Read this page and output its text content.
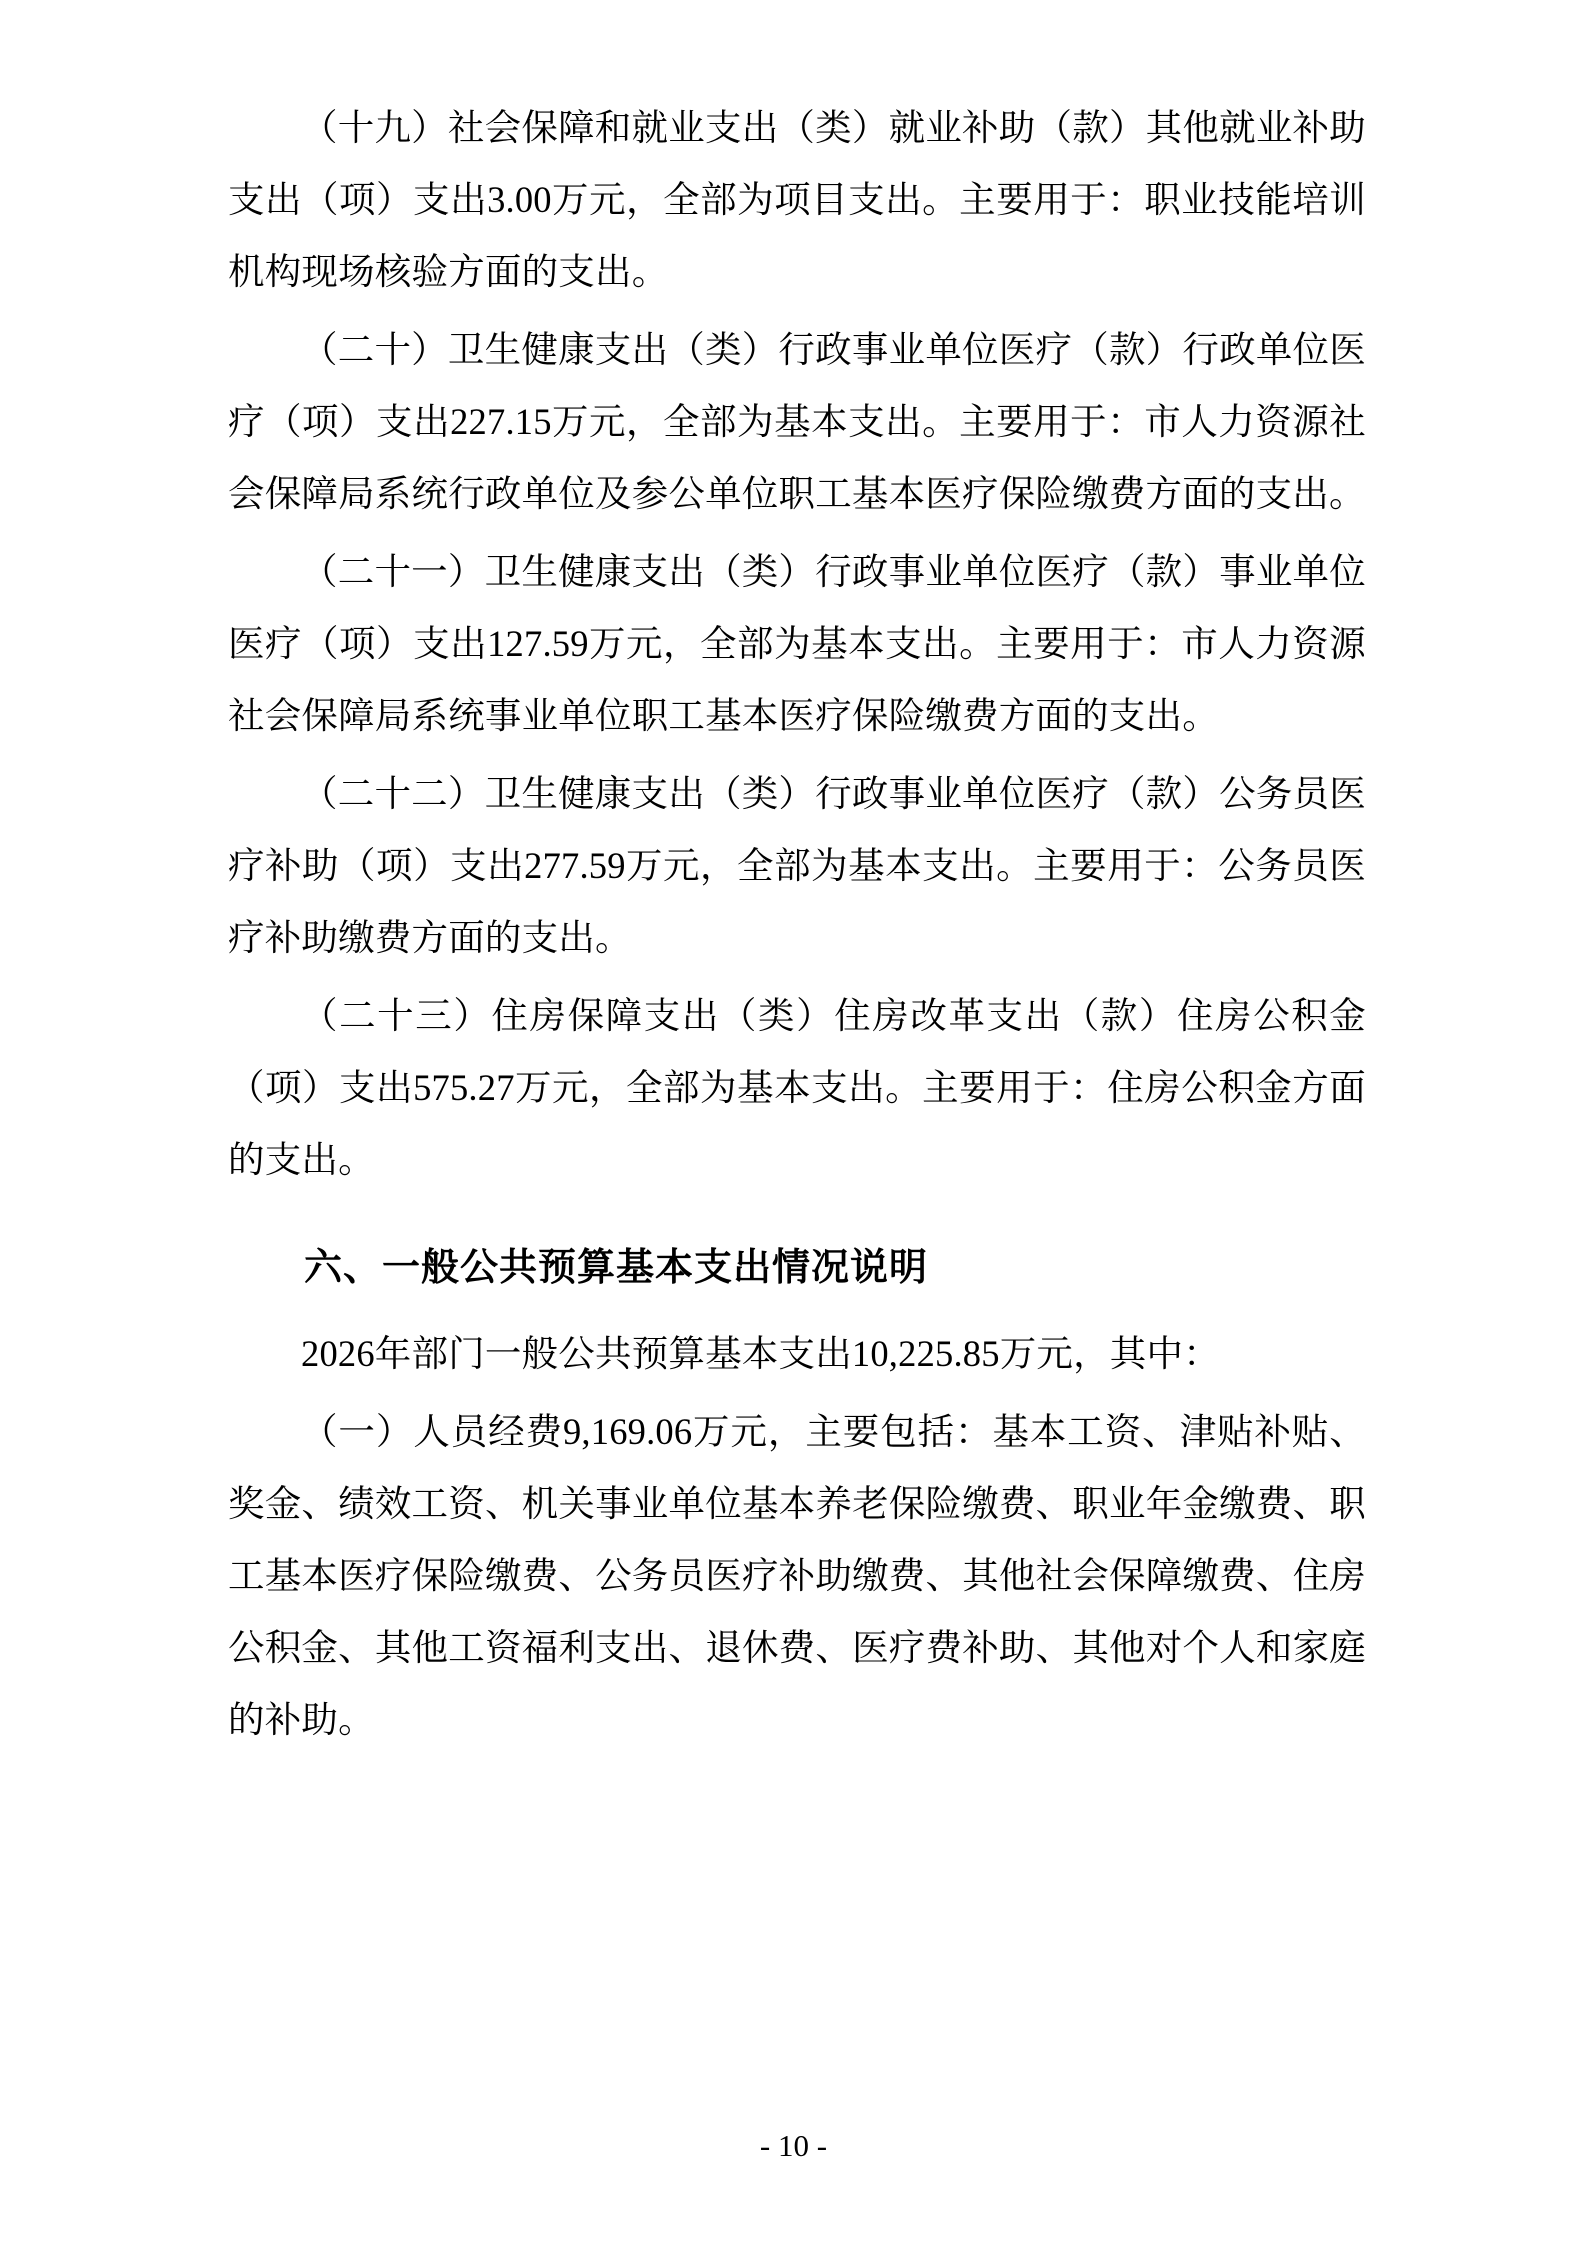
（十九）社会保障和就业支出（类）就业补助（款）其他就业补助支出（项）支出3.00万元，全部为项目支出。主要用于：职业技能培训机构现场核验方面的支出。

（二十）卫生健康支出（类）行政事业单位医疗（款）行政单位医疗（项）支出227.15万元，全部为基本支出。主要用于：市人力资源社会保障局系统行政单位及参公单位职工基本医疗保险缴费方面的支出。

（二十一）卫生健康支出（类）行政事业单位医疗（款）事业单位医疗（项）支出127.59万元，全部为基本支出。主要用于：市人力资源社会保障局系统事业单位职工基本医疗保险缴费方面的支出。

（二十二）卫生健康支出（类）行政事业单位医疗（款）公务员医疗补助（项）支出277.59万元，全部为基本支出。主要用于：公务员医疗补助缴费方面的支出。

（二十三）住房保障支出（类）住房改革支出（款）住房公积金（项）支出575.27万元，全部为基本支出。主要用于：住房公积金方面的支出。

六、一般公共预算基本支出情况说明

2026年部门一般公共预算基本支出10,225.85万元，其中：

（一）人员经费9,169.06万元，主要包括：基本工资、津贴补贴、奖金、绩效工资、机关事业单位基本养老保险缴费、职业年金缴费、职工基本医疗保险缴费、公务员医疗补助缴费、其他社会保障缴费、住房公积金、其他工资福利支出、退休费、医疗费补助、其他对个人和家庭的补助。

- 10 -
